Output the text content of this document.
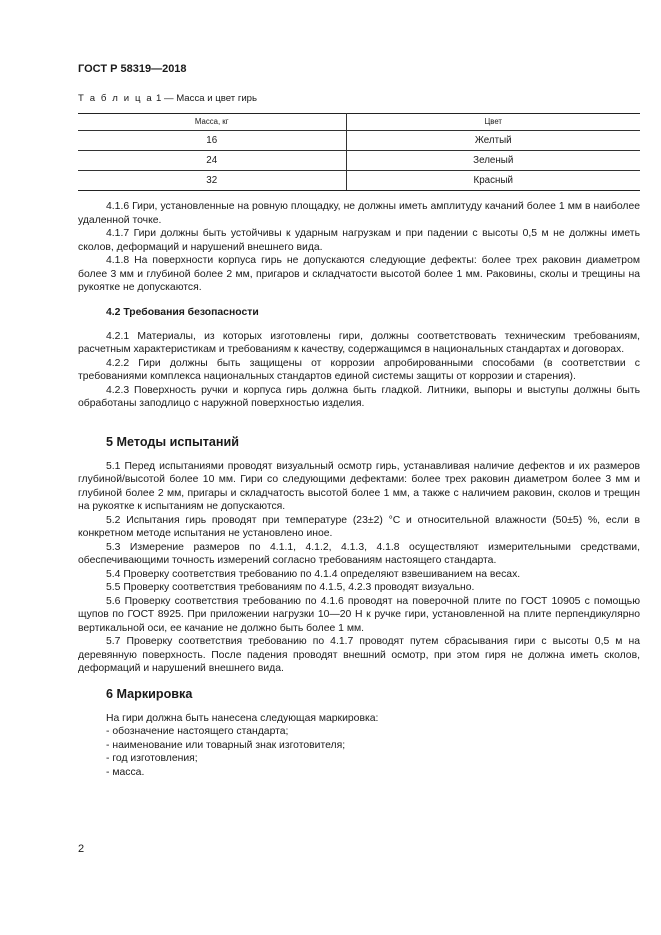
ГОСТ Р 58319—2018
Т а б л и ц а 1 — Масса и цвет гирь
Масса, кг	Цвет
16	Желтый
24	Зеленый
32	Красный

4.1.6 Гири, установленные на ровную площадку, не должны иметь амплитуду качаний более 1 мм в наиболее удаленной точке.

4.1.7 Гири должны быть устойчивы к ударным нагрузкам и при падении с высоты 0,5 м не должны иметь сколов, деформаций и нарушений внешнего вида.

4.1.8 На поверхности корпуса гирь не допускаются следующие дефекты: более трех раковин диаметром более 3 мм и глубиной более 2 мм, пригаров и складчатости высотой более 1 мм. Раковины, сколы и трещины на рукоятке не допускаются.

4.2 Требования безопасности

4.2.1 Материалы, из которых изготовлены гири, должны соответствовать техническим требованиям, расчетным характеристикам и требованиям к качеству, содержащимся в национальных стандартах и договорах.

4.2.2 Гири должны быть защищены от коррозии апробированными способами (в соответствии с требованиями комплекса национальных стандартов единой системы защиты от коррозии и старения).

4.2.3 Поверхность ручки и корпуса гирь должна быть гладкой. Литники, выпоры и выступы должны быть обработаны заподлицо с наружной поверхностью изделия.

5 Методы испытаний

5.1 Перед испытаниями проводят визуальный осмотр гирь, устанавливая наличие дефектов и их размеров глубиной/высотой более 10 мм. Гири со следующими дефектами: более трех раковин диаметром более 3 мм и глубиной более 2 мм, пригары и складчатость высотой более 1 мм, а также с наличием раковин, сколов и трещин на рукоятке к испытаниям не допускаются.

5.2 Испытания гирь проводят при температуре (23±2) °С и относительной влажности (50±5) %, если в конкретном методе испытания не установлено иное.

5.3 Измерение размеров по 4.1.1, 4.1.2, 4.1.3, 4.1.8 осуществляют измерительными средствами, обеспечивающими точность измерений согласно требованиям настоящего стандарта.

5.4 Проверку соответствия требованию по 4.1.4 определяют взвешиванием на весах.

5.5 Проверку соответствия требованиям по 4.1.5, 4.2.3 проводят визуально.

5.6 Проверку соответствия требованию по 4.1.6 проводят на поверочной плите по ГОСТ 10905 с помощью щупов по ГОСТ 8925. При приложении нагрузки 10—20 Н к ручке гири, установленной на плите перпендикулярно вертикальной оси, ее качание не должно быть более 1 мм.

5.7 Проверку соответствия требованию по 4.1.7 проводят путем сбрасывания гири с высоты 0,5 м на деревянную поверхность. После падения проводят внешний осмотр, при этом гиря не должна иметь сколов, деформаций и нарушений внешнего вида.

6 Маркировка

На гири должна быть нанесена следующая маркировка:

- обозначение настоящего стандарта;
- наименование или товарный знак изготовителя;
- год изготовления;
- масса.
2
